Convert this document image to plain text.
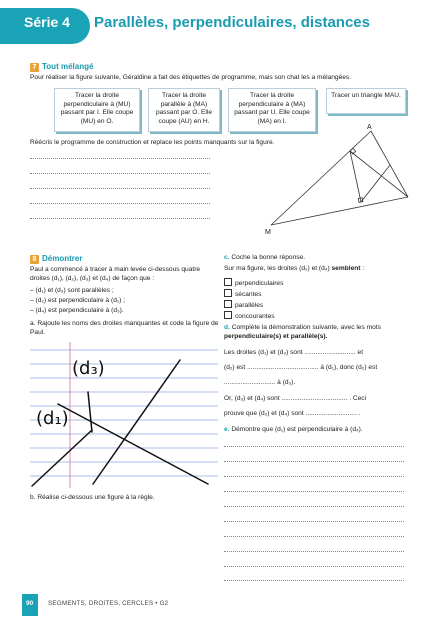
Série 4 Parallèles, perpendiculaires, distances
7 Tout mélangé
Pour réaliser la figure suivante, Géraldine a fait des étiquettes de programme, mais son chat les a mélangées.
Tracer la droite perpendiculaire à (MU) passant par I. Elle coupe (MU) en O.
Tracer la droite parallèle à (MA) passant par O. Elle coupe (AU) en H.
Tracer la droite perpendiculaire à (MA) passant par U. Elle coupe (MA) en I.
Tracer un triangle MAU.
Réécris le programme de construction et replace les points manquants sur la figure.
A
M
8 Démontrer
Paul a commencé à tracer à main levée ci-dessous quatre droites (d₁), (d₂), (d₃) et (d₄) de façon que :
– (d₁) et (d₃) sont parallèles ;
– (d₂) est perpendiculaire à (d₁) ;
– (d₄) est perpendiculaire à (d₃).
a. Rajoute les noms des droites manquantes et code la figure de Paul.
(d₃)
(d₁)
b. Réalise ci-dessous une figure à la règle.
c. Coche la bonne réponse.
Sur ma figure, les droites (d₂) et (d₄) semblent :
perpendiculaires
sécantes
parallèles
concourantes
d. Complète la démonstration suivante, avec les mots perpendiculaire(s) et parallèle(s).
Les droites (d₁) et (d₃) sont ............................ et
(d₂) est ....................................... à (d₁), donc (d₂) est
............................ à (d₃).
Or, (d₃) et (d₄) sont .................................... . Ceci
prouve que (d₂) et (d₄) sont ............................ .
e. Démontre que (d₁) est perpendiculaire à (d₄).
90 SEGMENTS, DROITES, CERCLES • G2
